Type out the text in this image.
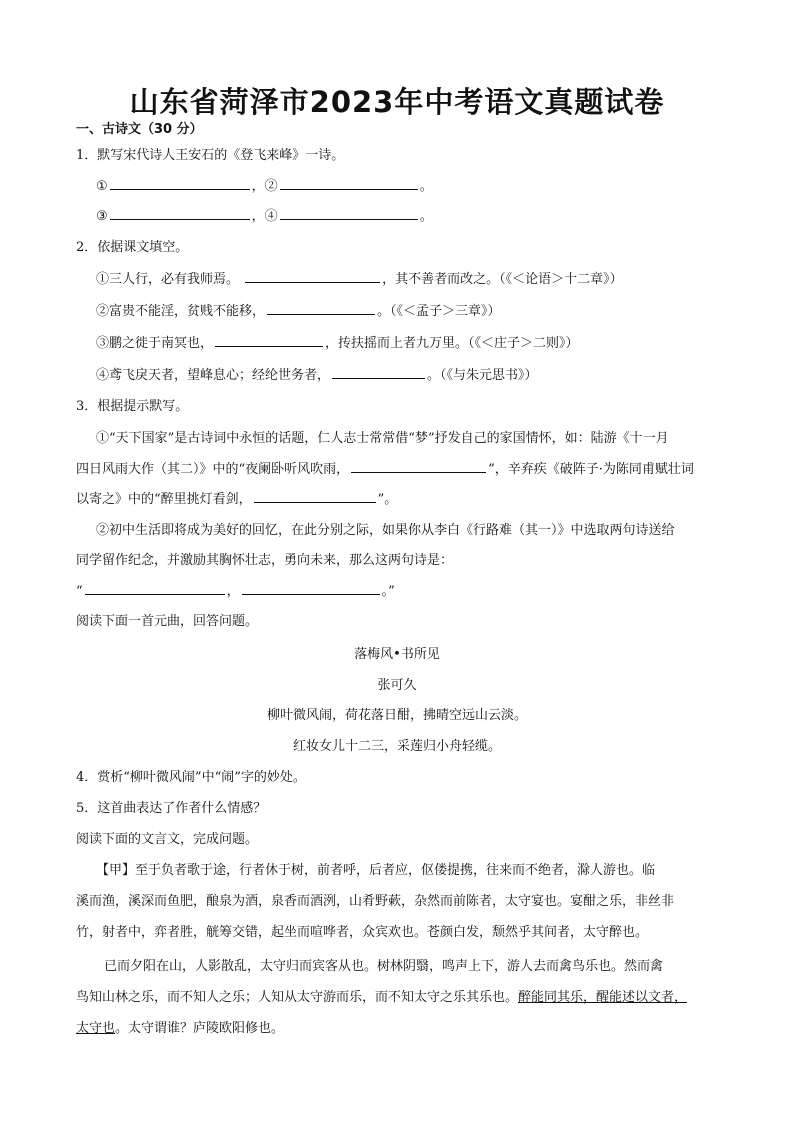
山东省菏泽市2023年中考语文真题试卷
一、古诗文（30 分）
1．默写宋代诗人王安石的《登飞来峰》一诗。
①	，②	。
③	，④	。
2．依据课文填空。
①三人行，必有我师焉。	，其不善者而改之。（《＜论语＞十二章》）
②富贵不能淫，贫贱不能移，	。（《＜孟子＞三章》）
③鹏之徙于南冥也，	，抟扶摇而上者九万里。（《＜庄子＞二则》）
④鸢飞戾天者，望峰息心；经纶世务者，	。（《与朱元思书》）
3．根据提示默写。
①“天下国家”是古诗词中永恒的话题，仁人志士常常借“梦”抒发自己的家国情怀，如：陆游《十一月
四日风雨大作（其二）》中的“夜阑卧听风吹雨，	”，辛弃疾《破阵子·为陈同甫赋壮词
以寄之》中的“醉里挑灯看剑，	”。
②初中生活即将成为美好的回忆，在此分别之际，如果你从李白《行路难（其一）》中选取两句诗送给
同学留作纪念，并激励其胸怀壮志，勇向未来，那么这两句诗是：
“	，	。”
阅读下面一首元曲，回答问题。
落梅风•书所见
张可久
柳叶微风闹，荷花落日酣，拂晴空远山云淡。
红妆女儿十二三，采莲归小舟轻缆。
4．赏析“柳叶微风闹”中“闹”字的妙处。
5．这首曲表达了作者什么情感？
阅读下面的文言文，完成问题。
【甲】至于负者歌于途，行者休于树，前者呼，后者应，伛偻提携，往来而不绝者，滁人游也。临
溪而渔，溪深而鱼肥，酿泉为酒，泉香而酒洌，山肴野蔌，杂然而前陈者，太守宴也。宴酣之乐，非丝非
竹，射者中，弈者胜，觥筹交错，起坐而喧哗者，众宾欢也。苍颜白发，颓然乎其间者，太守醉也。
已而夕阳在山，人影散乱，太守归而宾客从也。树林阴翳，鸣声上下，游人去而禽鸟乐也。然而禽
鸟知山林之乐，而不知人之乐；人知从太守游而乐，而不知太守之乐其乐也。醉能同其乐，醒能述以文者，
太守也。太守谓谁？庐陵欧阳修也。
